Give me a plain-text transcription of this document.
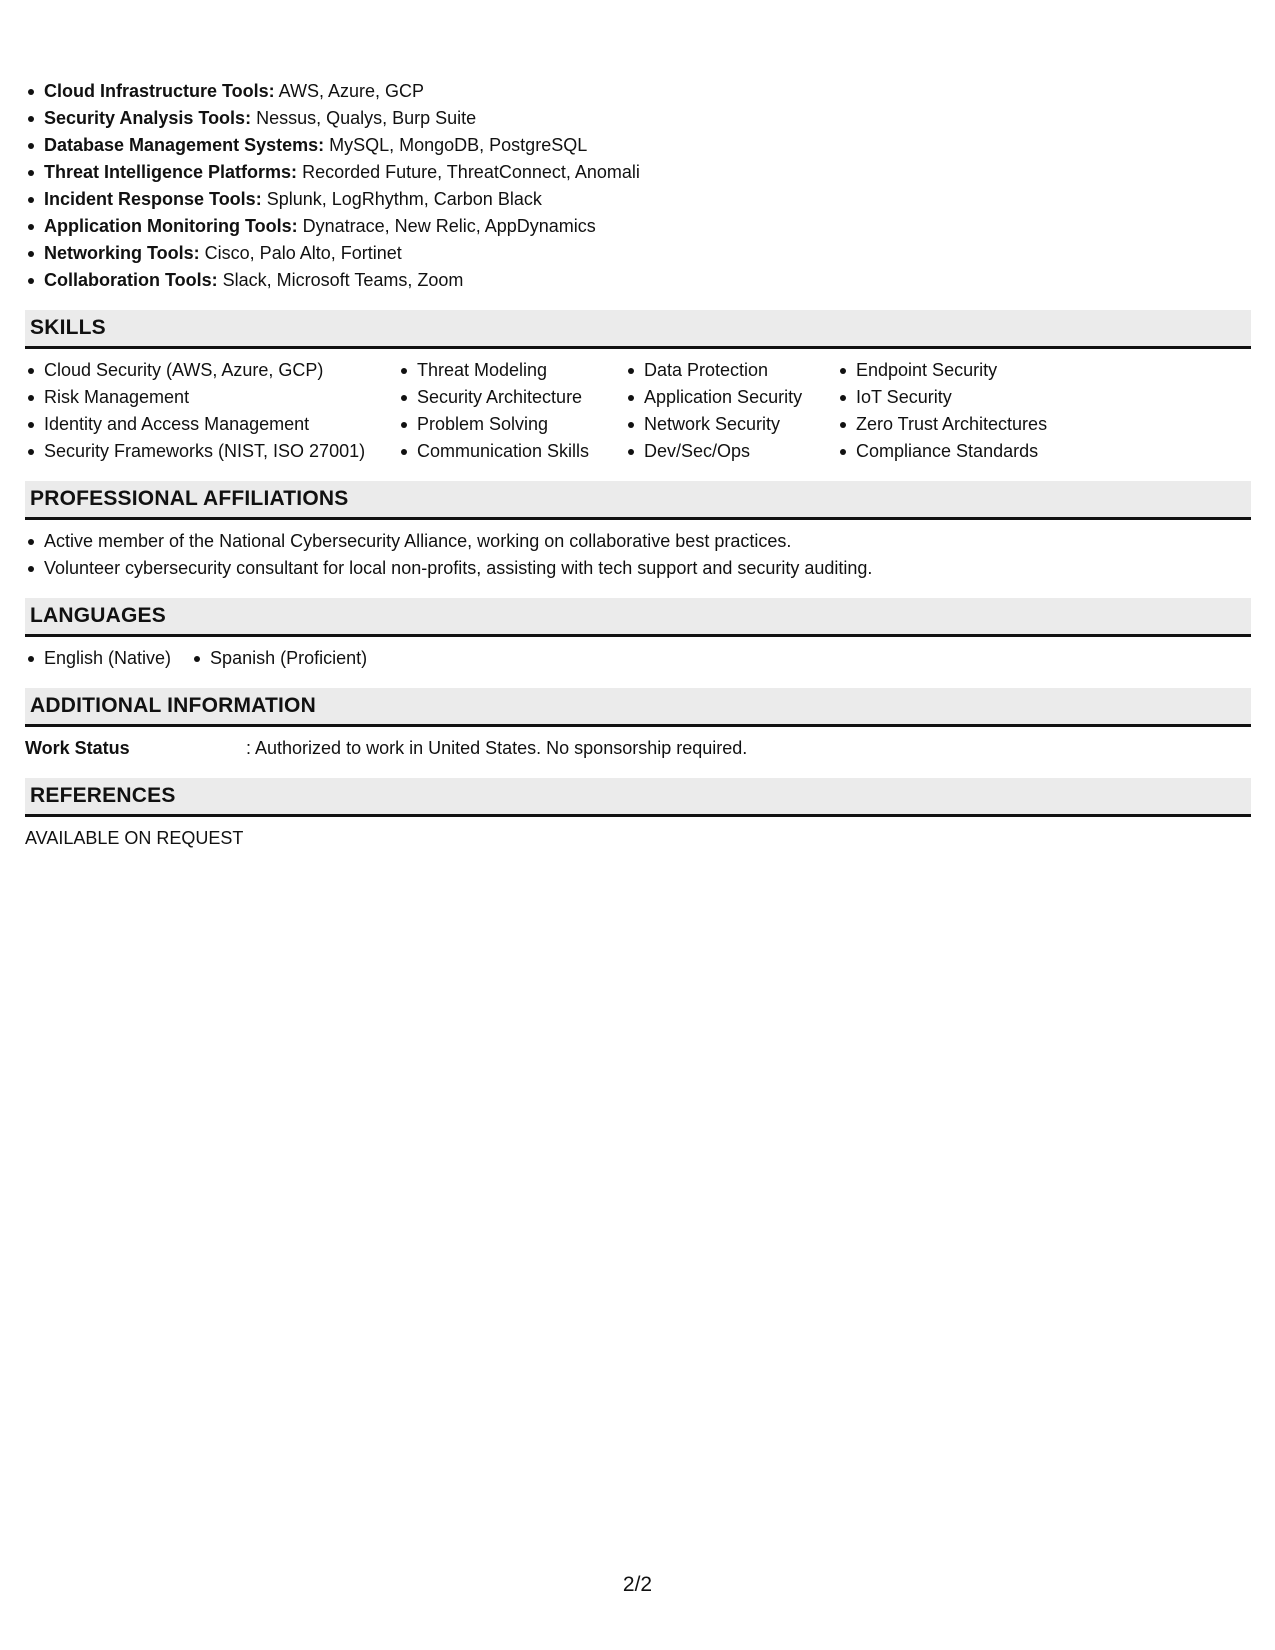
Cloud Infrastructure Tools: AWS, Azure, GCP
Security Analysis Tools: Nessus, Qualys, Burp Suite
Database Management Systems: MySQL, MongoDB, PostgreSQL
Threat Intelligence Platforms: Recorded Future, ThreatConnect, Anomali
Incident Response Tools: Splunk, LogRhythm, Carbon Black
Application Monitoring Tools: Dynatrace, New Relic, AppDynamics
Networking Tools: Cisco, Palo Alto, Fortinet
Collaboration Tools: Slack, Microsoft Teams, Zoom
SKILLS
Cloud Security (AWS, Azure, GCP)
Risk Management
Identity and Access Management
Security Frameworks (NIST, ISO 27001)
Threat Modeling
Security Architecture
Problem Solving
Communication Skills
Data Protection
Application Security
Network Security
Dev/Sec/Ops
Endpoint Security
IoT Security
Zero Trust Architectures
Compliance Standards
PROFESSIONAL AFFILIATIONS
Active member of the National Cybersecurity Alliance, working on collaborative best practices.
Volunteer cybersecurity consultant for local non-profits, assisting with tech support and security auditing.
LANGUAGES
English (Native)	Spanish (Proficient)
ADDITIONAL INFORMATION
Work Status	: Authorized to work in United States. No sponsorship required.
REFERENCES
AVAILABLE ON REQUEST
2/2
